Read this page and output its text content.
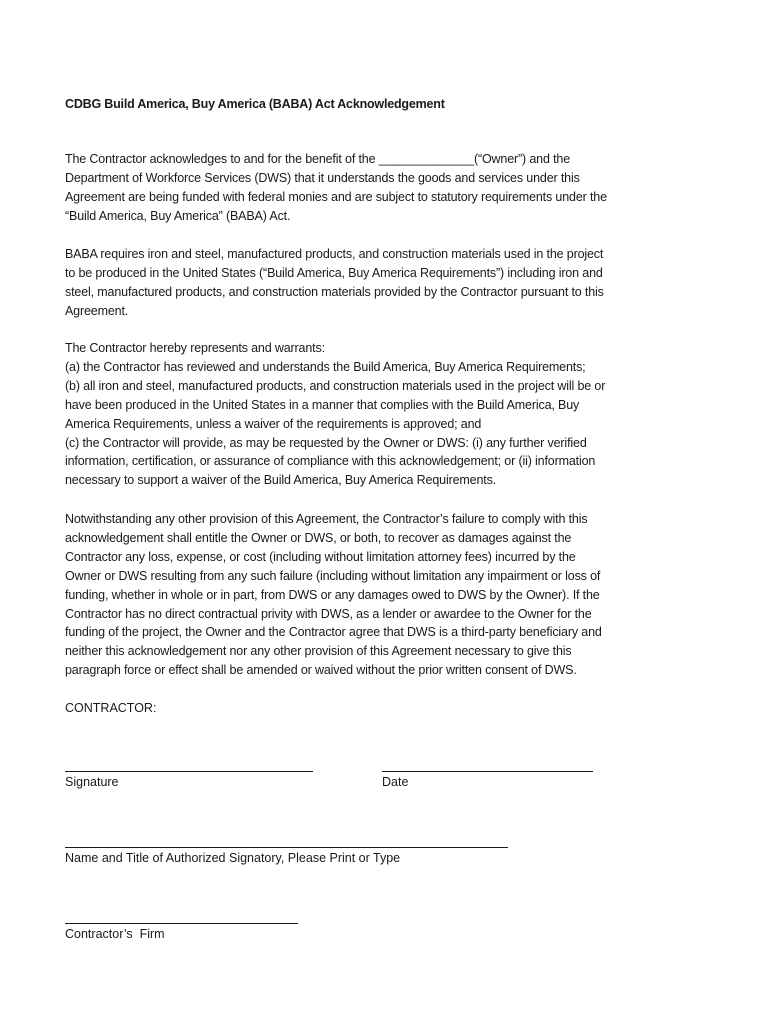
CDBG Build America, Buy America (BABA) Act Acknowledgement

The Contractor acknowledges to and for the benefit of the ______________(“Owner”) and the
Department of Workforce Services (DWS) that it understands the goods and services under this
Agreement are being funded with federal monies and are subject to statutory requirements under the
“Build America, Buy America” (BABA) Act.

BABA requires iron and steel, manufactured products, and construction materials used in the project
to be produced in the United States (“Build America, Buy America Requirements”) including iron and
steel, manufactured products, and construction materials provided by the Contractor pursuant to this
Agreement.

The Contractor hereby represents and warrants:
(a) the Contractor has reviewed and understands the Build America, Buy America Requirements;
(b) all iron and steel, manufactured products, and construction materials used in the project will be or
have been produced in the United States in a manner that complies with the Build America, Buy
America Requirements, unless a waiver of the requirements is approved; and
(c) the Contractor will provide, as may be requested by the Owner or DWS: (i) any further verified
information, certification, or assurance of compliance with this acknowledgement; or (ii) information
necessary to support a waiver of the Build America, Buy America Requirements.

Notwithstanding any other provision of this Agreement, the Contractor’s failure to comply with this
acknowledgement shall entitle the Owner or DWS, or both, to recover as damages against the
Contractor any loss, expense, or cost (including without limitation attorney fees) incurred by the
Owner or DWS resulting from any such failure (including without limitation any impairment or loss of
funding, whether in whole or in part, from DWS or any damages owed to DWS by the Owner). If the
Contractor has no direct contractual privity with DWS, as a lender or awardee to the Owner for the
funding of the project, the Owner and the Contractor agree that DWS is a third-party beneficiary and
neither this acknowledgement nor any other provision of this Agreement necessary to give this
paragraph force or effect shall be amended or waived without the prior written consent of DWS.

CONTRACTOR:
Signature	Date
Name and Title of Authorized Signatory, Please Print or Type
Contractor’s  Firm
